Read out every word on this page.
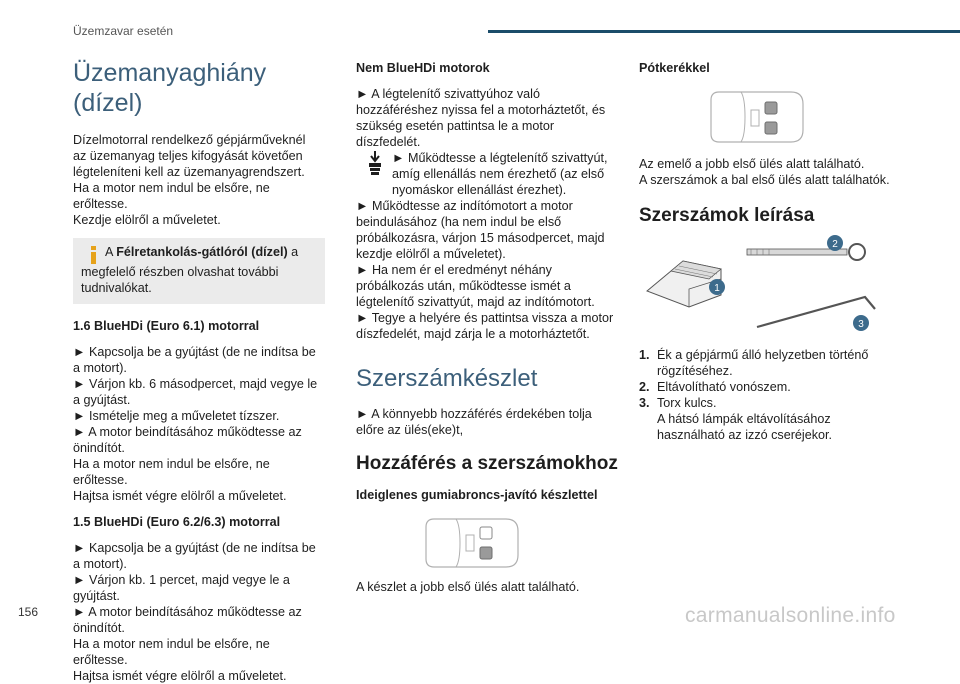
Üzemzavar esetén
Üzemanyaghiány (dízel)

Dízelmotorral rendelkező gépjárműveknél

az üzemanyag teljes kifogyását követően

légteleníteni kell az üzemanyagrendszert.

Ha a motor nem indul be elsőre, ne erőltesse.

Kezdje elölről a műveletet.

A Félretankolás-gátlóról (dízel) a megfelelő részben olvashat további tudnivalókat.
1.6 BlueHDi (Euro 6.1) motorral

► Kapcsolja be a gyújtást (de ne indítsa be a motort).

► Várjon kb. 6 másodpercet, majd vegye le a gyújtást.

► Ismételje meg a műveletet tízszer.

► A motor beindításához működtesse az önindítót.

Ha a motor nem indul be elsőre, ne erőltesse.

Hajtsa ismét végre elölről a műveletet.

1.5 BlueHDi (Euro 6.2/6.3) motorral

► Kapcsolja be a gyújtást (de ne indítsa be a motort).

► Várjon kb. 1 percet, majd vegye le a gyújtást.

► A motor beindításához működtesse az önindítót.

Ha a motor nem indul be elsőre, ne erőltesse.

Hajtsa ismét végre elölről a műveletet.

Nem BlueHDi motorok

► A légtelenítő szivattyúhoz való hozzáféréshez nyissa fel a motorháztetőt, és szükség esetén pattintsa le a motor díszfedelét.

► Működtesse a légtelenítő szivattyút, amíg ellenállás nem érezhető (az első nyomáskor ellenállást érezhet).

► Működtesse az indítómotort a motor beindulásához (ha nem indul be első próbálkozásra, várjon 15 másodpercet, majd kezdje elölről a műveletet).

► Ha nem ér el eredményt néhány próbálkozás után, működtesse ismét a légtelenítő szivattyút, majd az indítómotort.

► Tegye a helyére és pattintsa vissza a motor díszfedelét, majd zárja le a motorháztetőt.

Szerszámkészlet

► A könnyebb hozzáférés érdekében tolja előre az ülés(eke)t,

Hozzáférés a szerszámokhoz
Ideiglenes gumiabroncs-javító készlettel

A készlet a jobb első ülés alatt található.

Pótkerékkel

Az emelő a jobb első ülés alatt található.

A szerszámok a bal első ülés alatt találhatók.

Szerszámok leírása
1
2
3
1. Ék a gépjármű álló helyzetben történő rögzítéséhez.
2. Eltávolítható vonószem.
3. Torx kulcs.
A hátsó lámpák eltávolításához használható az izzó cseréjekor.
156	carmanualsonline.info
